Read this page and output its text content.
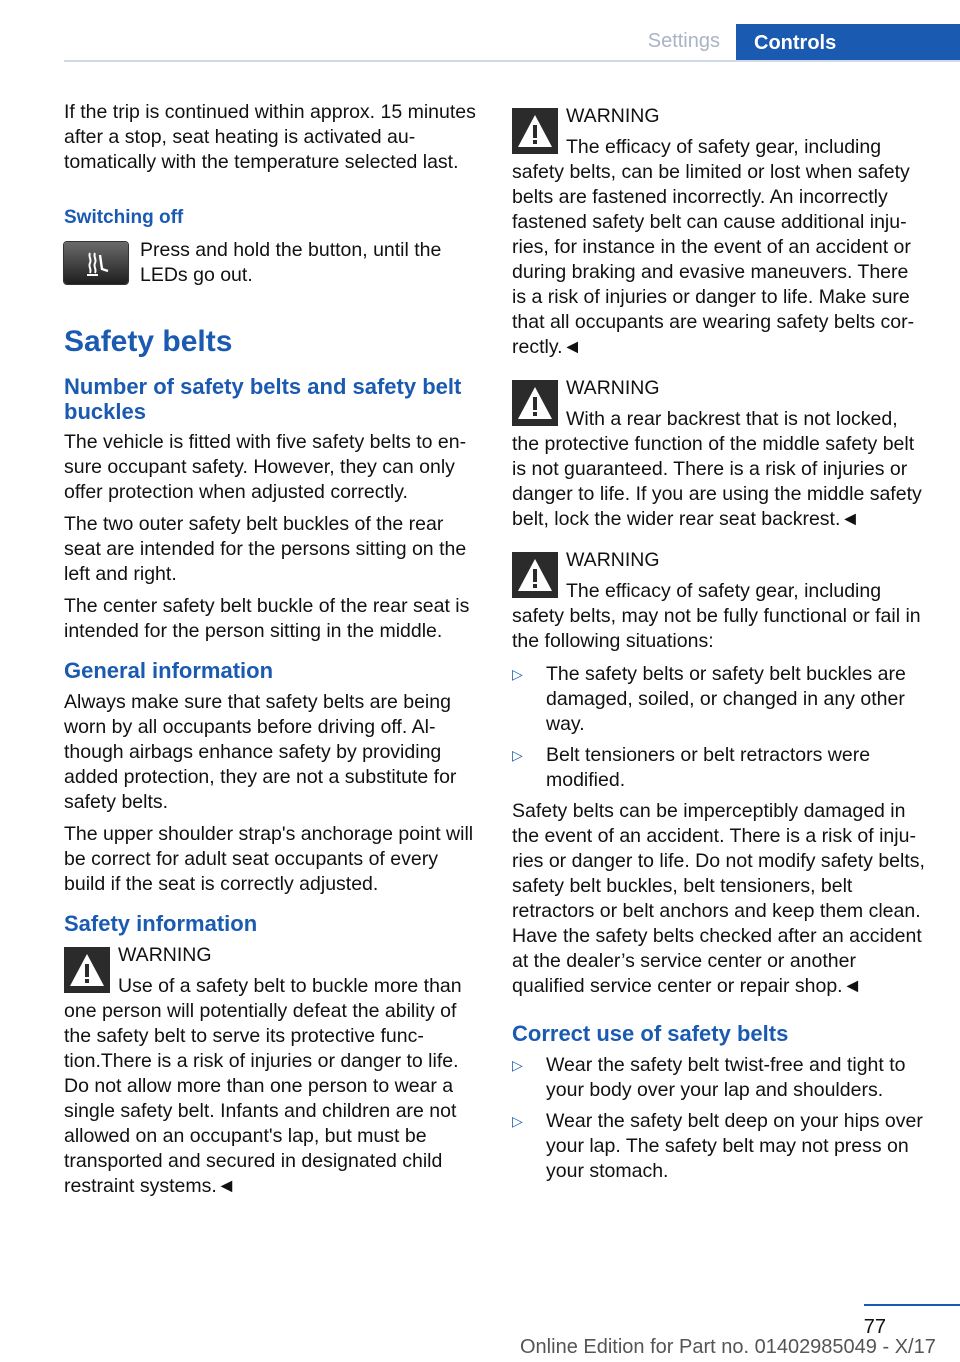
Settings	Controls

If the trip is continued within approx. 15 minutes after a stop, seat heating is activated automatically with the temperature selected last.

Switching off
Press and hold the button, until the LEDs go out.
Safety belts
Number of safety belts and safety belt buckles

The vehicle is fitted with five safety belts to ensure occupant safety. However, they can only offer protection when adjusted correctly.

The two outer safety belt buckles of the rear seat are intended for the persons sitting on the left and right.

The center safety belt buckle of the rear seat is intended for the person sitting in the middle.

General information

Always make sure that safety belts are being worn by all occupants before driving off. Although airbags enhance safety by providing added protection, they are not a substitute for safety belts.

The upper shoulder strap's anchorage point will be correct for adult seat occupants of every build if the seat is correctly adjusted.

Safety information
WARNING
Use of a safety belt to buckle more than one person will potentially defeat the ability of the safety belt to serve its protective function.There is a risk of injuries or danger to life. Do not allow more than one person to wear a single safety belt. Infants and children are not allowed on an occupant's lap, but must be transported and secured in designated child restraint systems.◄
WARNING
The efficacy of safety gear, including safety belts, can be limited or lost when safety belts are fastened incorrectly. An incorrectly fastened safety belt can cause additional injuries, for instance in the event of an accident or during braking and evasive maneuvers. There is a risk of injuries or danger to life. Make sure that all occupants are wearing safety belts correctly.◄
WARNING
With a rear backrest that is not locked, the protective function of the middle safety belt is not guaranteed. There is a risk of injuries or danger to life. If you are using the middle safety belt, lock the wider rear seat backrest.◄
WARNING
The efficacy of safety gear, including safety belts, may not be fully functional or fail in the following situations:
▷ The safety belts or safety belt buckles are damaged, soiled, or changed in any other way.
▷ Belt tensioners or belt retractors were modified.

Safety belts can be imperceptibly damaged in the event of an accident. There is a risk of injuries or danger to life. Do not modify safety belts, safety belt buckles, belt tensioners, belt retractors or belt anchors and keep them clean. Have the safety belts checked after an accident at the dealer’s service center or another qualified service center or repair shop.◄

Correct use of safety belts
▷ Wear the safety belt twist-free and tight to your body over your lap and shoulders.
▷ Wear the safety belt deep on your hips over your lap. The safety belt may not press on your stomach.
77
Online Edition for Part no. 01402985049 - X/17
